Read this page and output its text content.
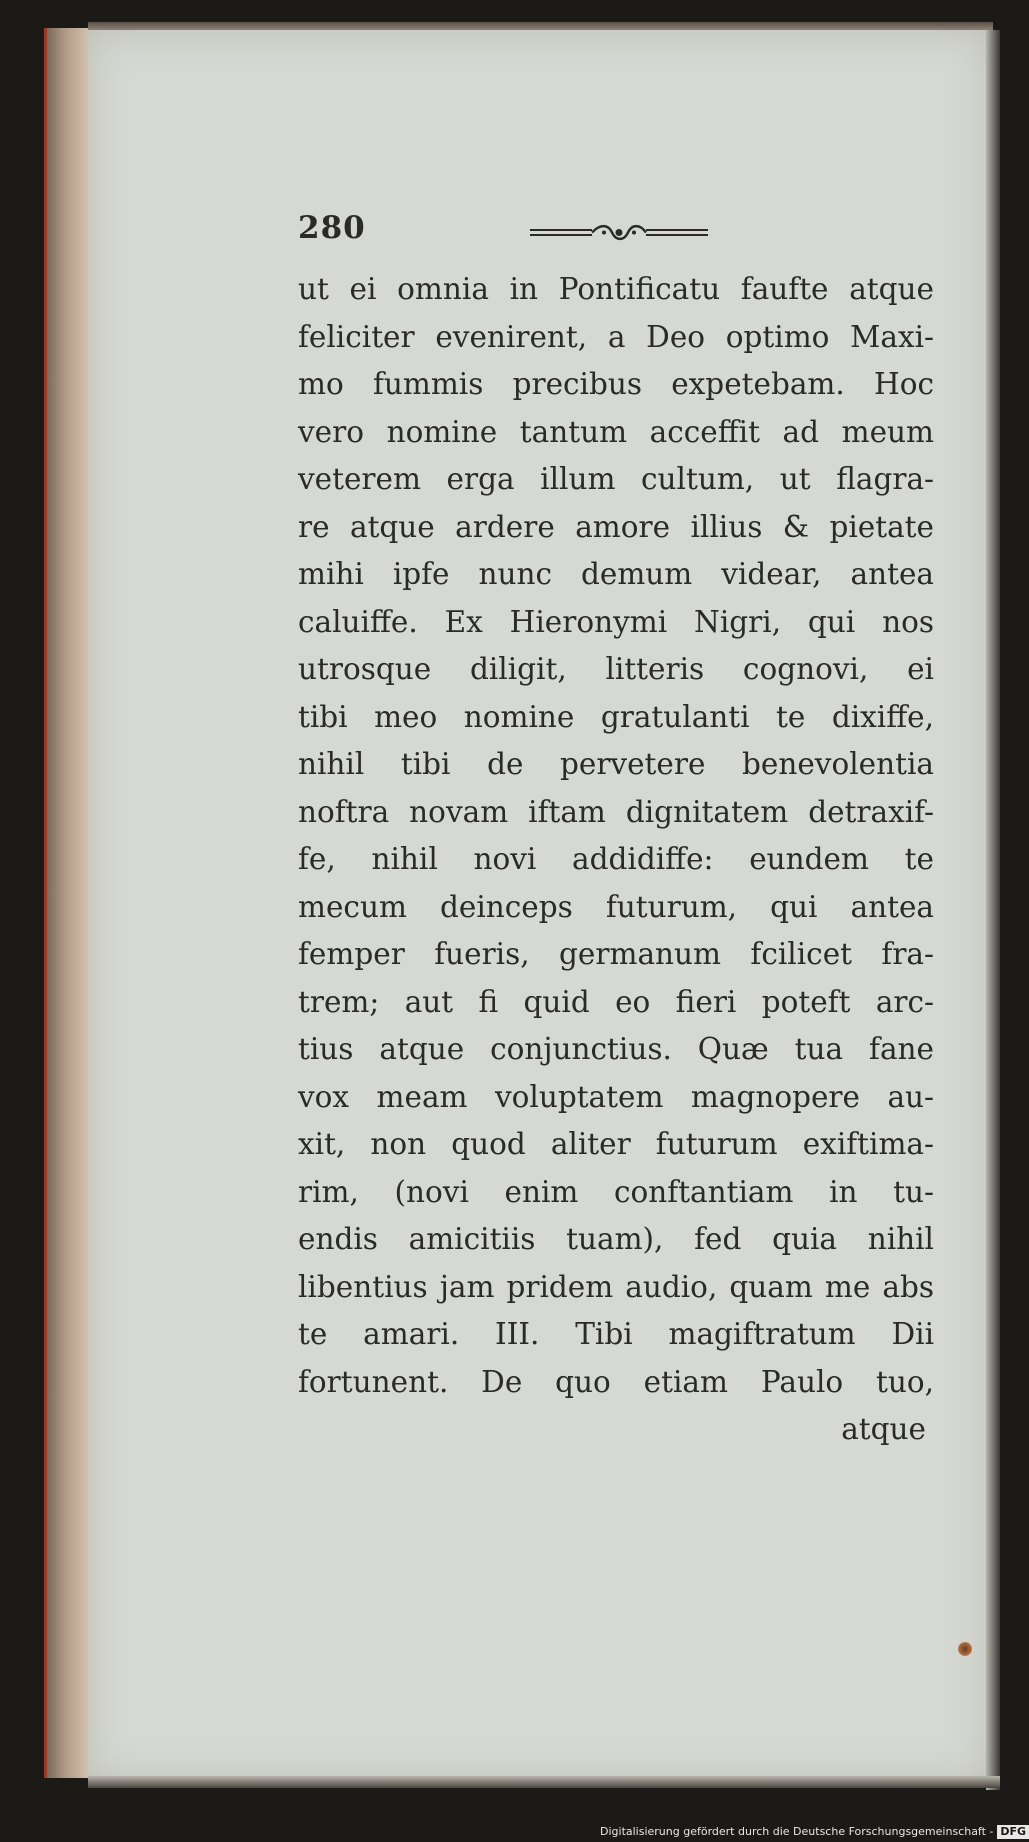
280
ut ei omnia in Pontificatu faufte atque
feliciter evenirent, a Deo optimo Maxi-
mo fummis precibus expetebam. Hoc
vero nomine tantum acceffit ad meum
veterem erga illum cultum, ut flagra-
re atque ardere amore illius & pietate
mihi ipfe nunc demum videar, antea
caluiffe. Ex Hieronymi Nigri, qui nos
utrosque diligit, litteris cognovi, ei
tibi meo nomine gratulanti te dixiffe,
nihil tibi de pervetere benevolentia
noftra novam iftam dignitatem detraxif-
fe, nihil novi addidiffe: eundem te
mecum deinceps futurum, qui antea
femper fueris, germanum fcilicet fra-
trem; aut fi quid eo fieri poteft arc-
tius atque conjunctius. Quæ tua fane
vox meam voluptatem magnopere au-
xit, non quod aliter futurum exiftima-
rim, (novi enim conftantiam in tu-
endis amicitiis tuam), fed quia nihil
libentius jam pridem audio, quam me abs
te amari. III. Tibi magiftratum Dii
fortunent. De quo etiam Paulo tuo,
atque
Digitalisierung gefördert durch die Deutsche Forschungsgemeinschaft - DFG
